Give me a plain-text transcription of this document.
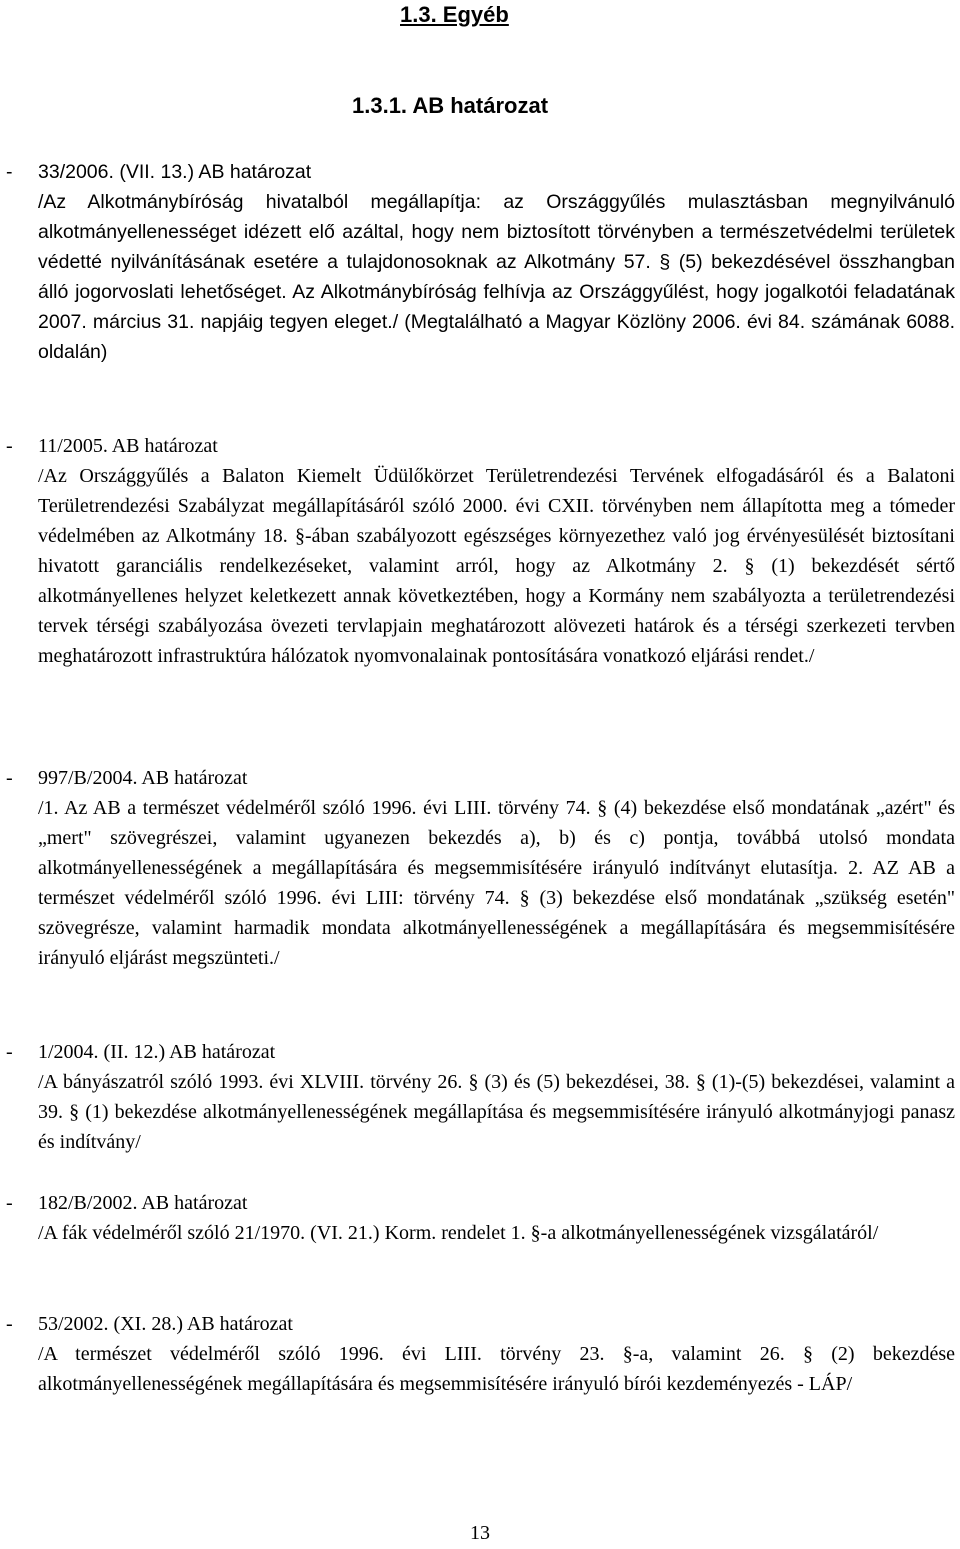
1.3. Egyéb
1.3.1. AB határozat
- 33/2006. (VII. 13.) AB határozat
/Az Alkotmánybíróság hivatalból megállapítja: az Országgyűlés mulasztásban megnyilvánuló alkotmányellenességet idézett elő azáltal, hogy nem biztosított törvényben a természetvédelmi területek védetté nyilvánításának esetére a tulajdonosoknak az Alkotmány 57. § (5) bekezdésével összhangban álló jogorvoslati lehetőséget. Az Alkotmánybíróság felhívja az Országgyűlést, hogy jogalkotói feladatának 2007. március 31. napjáig tegyen eleget./ (Megtalálható a Magyar Közlöny 2006. évi 84. számának 6088. oldalán)
- 11/2005. AB határozat
/Az Országgyűlés a Balaton Kiemelt Üdülőkörzet Területrendezési Tervének elfogadásáról és a Balatoni Területrendezési Szabályzat megállapításáról szóló 2000. évi CXII. törvényben nem állapította meg a tómeder védelmében az Alkotmány 18. §-ában szabályozott egészséges környezethez való jog érvényesülését biztosítani hivatott garanciális rendelkezéseket, valamint arról, hogy az Alkotmány 2. § (1) bekezdését sértő alkotmányellenes helyzet keletkezett annak következtében, hogy a Kormány nem szabályozta a területrendezési tervek térségi szabályozása övezeti tervlapjain meghatározott alövezeti határok és a térségi szerkezeti tervben meghatározott infrastruktúra hálózatok nyomvonalainak pontosítására vonatkozó eljárási rendet./
- 997/B/2004. AB határozat
/1. Az AB a természet védelméről szóló 1996. évi LIII. törvény 74. § (4) bekezdése első mondatának „azért" és „mert" szövegrészei, valamint ugyanezen bekezdés a), b) és c) pontja, továbbá utolsó mondata alkotmányellenességének a megállapítására és megsemmisítésére irányuló indítványt elutasítja. 2. AZ AB a természet védelméről szóló 1996. évi LIII: törvény 74. § (3) bekezdése első mondatának „szükség esetén" szövegrésze, valamint harmadik mondata alkotmányellenességének a megállapítására és megsemmisítésére irányuló eljárást megszünteti./
- 1/2004. (II. 12.) AB határozat
/A bányászatról szóló 1993. évi XLVIII. törvény 26. § (3) és (5) bekezdései, 38. § (1)-(5) bekezdései, valamint a 39. § (1) bekezdése alkotmányellenességének megállapítása és megsemmisítésére irányuló alkotmányjogi panasz és indítvány/
- 182/B/2002. AB határozat
/A fák védelméről szóló 21/1970. (VI. 21.) Korm. rendelet 1. §-a alkotmányellenességének vizsgálatáról/
- 53/2002. (XI. 28.) AB határozat
/A természet védelméről szóló 1996. évi LIII. törvény 23. §-a, valamint 26. § (2) bekezdése alkotmányellenességének megállapítására és megsemmisítésére irányuló bírói kezdeményezés - LÁP/
13
